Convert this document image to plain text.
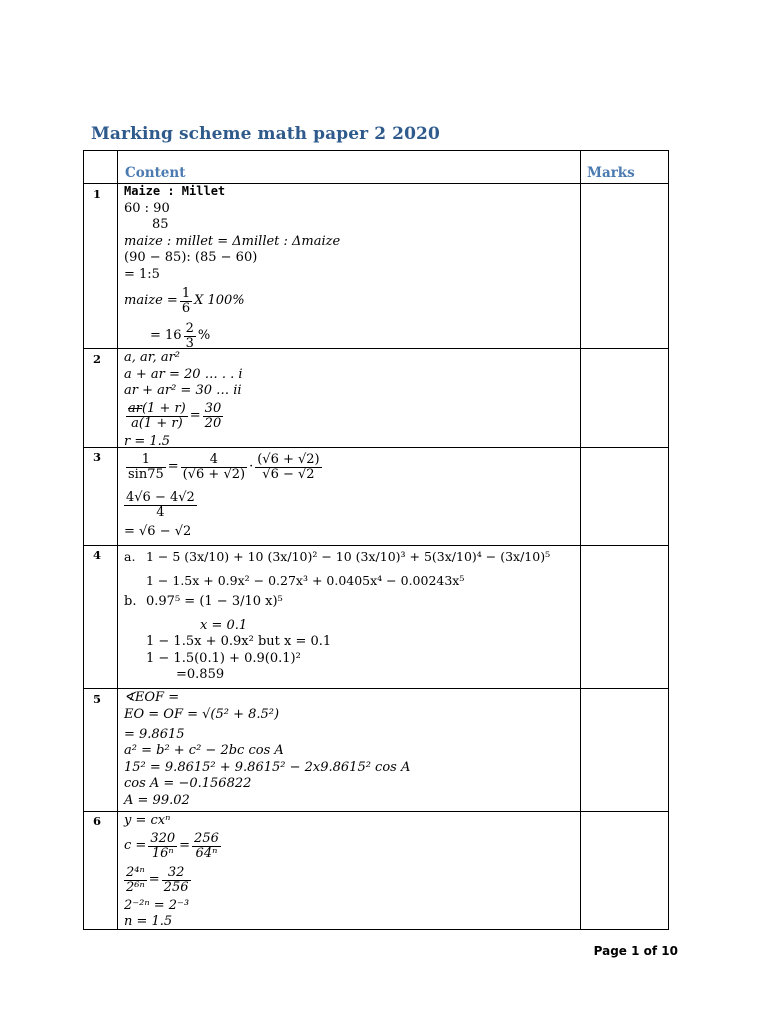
Marking scheme math paper 2 2020
Content	Marks
1 Maize : Millet
60 : 90
85
maize : millet = Δmillet : Δmaize
(90 − 85): (85 − 60)
= 1:5
maize = $\frac{1}{6}$ X 100%
= $16 \frac{2}{3}$ %
2 a, ar, ar²
a + ar = 20 … . . i
ar + ar² = 30 … ii
$\frac{ar(1 + r)}{a(1 + r)} = \frac{30}{20}$
r = 1.5
$3 \frac{1}{\sin 75} = \frac{4}{(√6 + √2)} \cdot \frac{(√6 + √2)}{√6 - √2}$
$\frac{4√6 - 4√2}{4}$
= √6 − √2
4 a. 1 − 5 (3x/10) + 10 (3x/10)² − 10 (3x/10)³ + 5(3x/10)⁴ − (3x/10)⁵
1 − 1.5x + 0.9x² − 0.27x³ + 0.0405x⁴ − 0.00243x⁵
b. 0.97⁵ = (1 − 3/10 x)⁵
x = 0.1
1 − 1.5x + 0.9x² but x = 0.1
1 − 1.5(0.1) + 0.9(0.1)²
=0.859
5 ∢EOF =
EO = OF = √(5² + 8.5²)
= 9.8615
a² = b² + c² − 2bc cos A
15² = 9.8615² + 9.8615² − 2x9.8615² cos A
cos A = −0.156822
A = 99.02
6 y = cxⁿ
$c = \frac{320}{\text{16ⁿ}} = \frac{256}{\text{64ⁿ}}$
$\frac{\text{2⁴ⁿ}}{\text{2⁶ⁿ}} = \frac{32}{256}$
2⁻²ⁿ = 2⁻³
n = 1.5
Page 1 of 10
